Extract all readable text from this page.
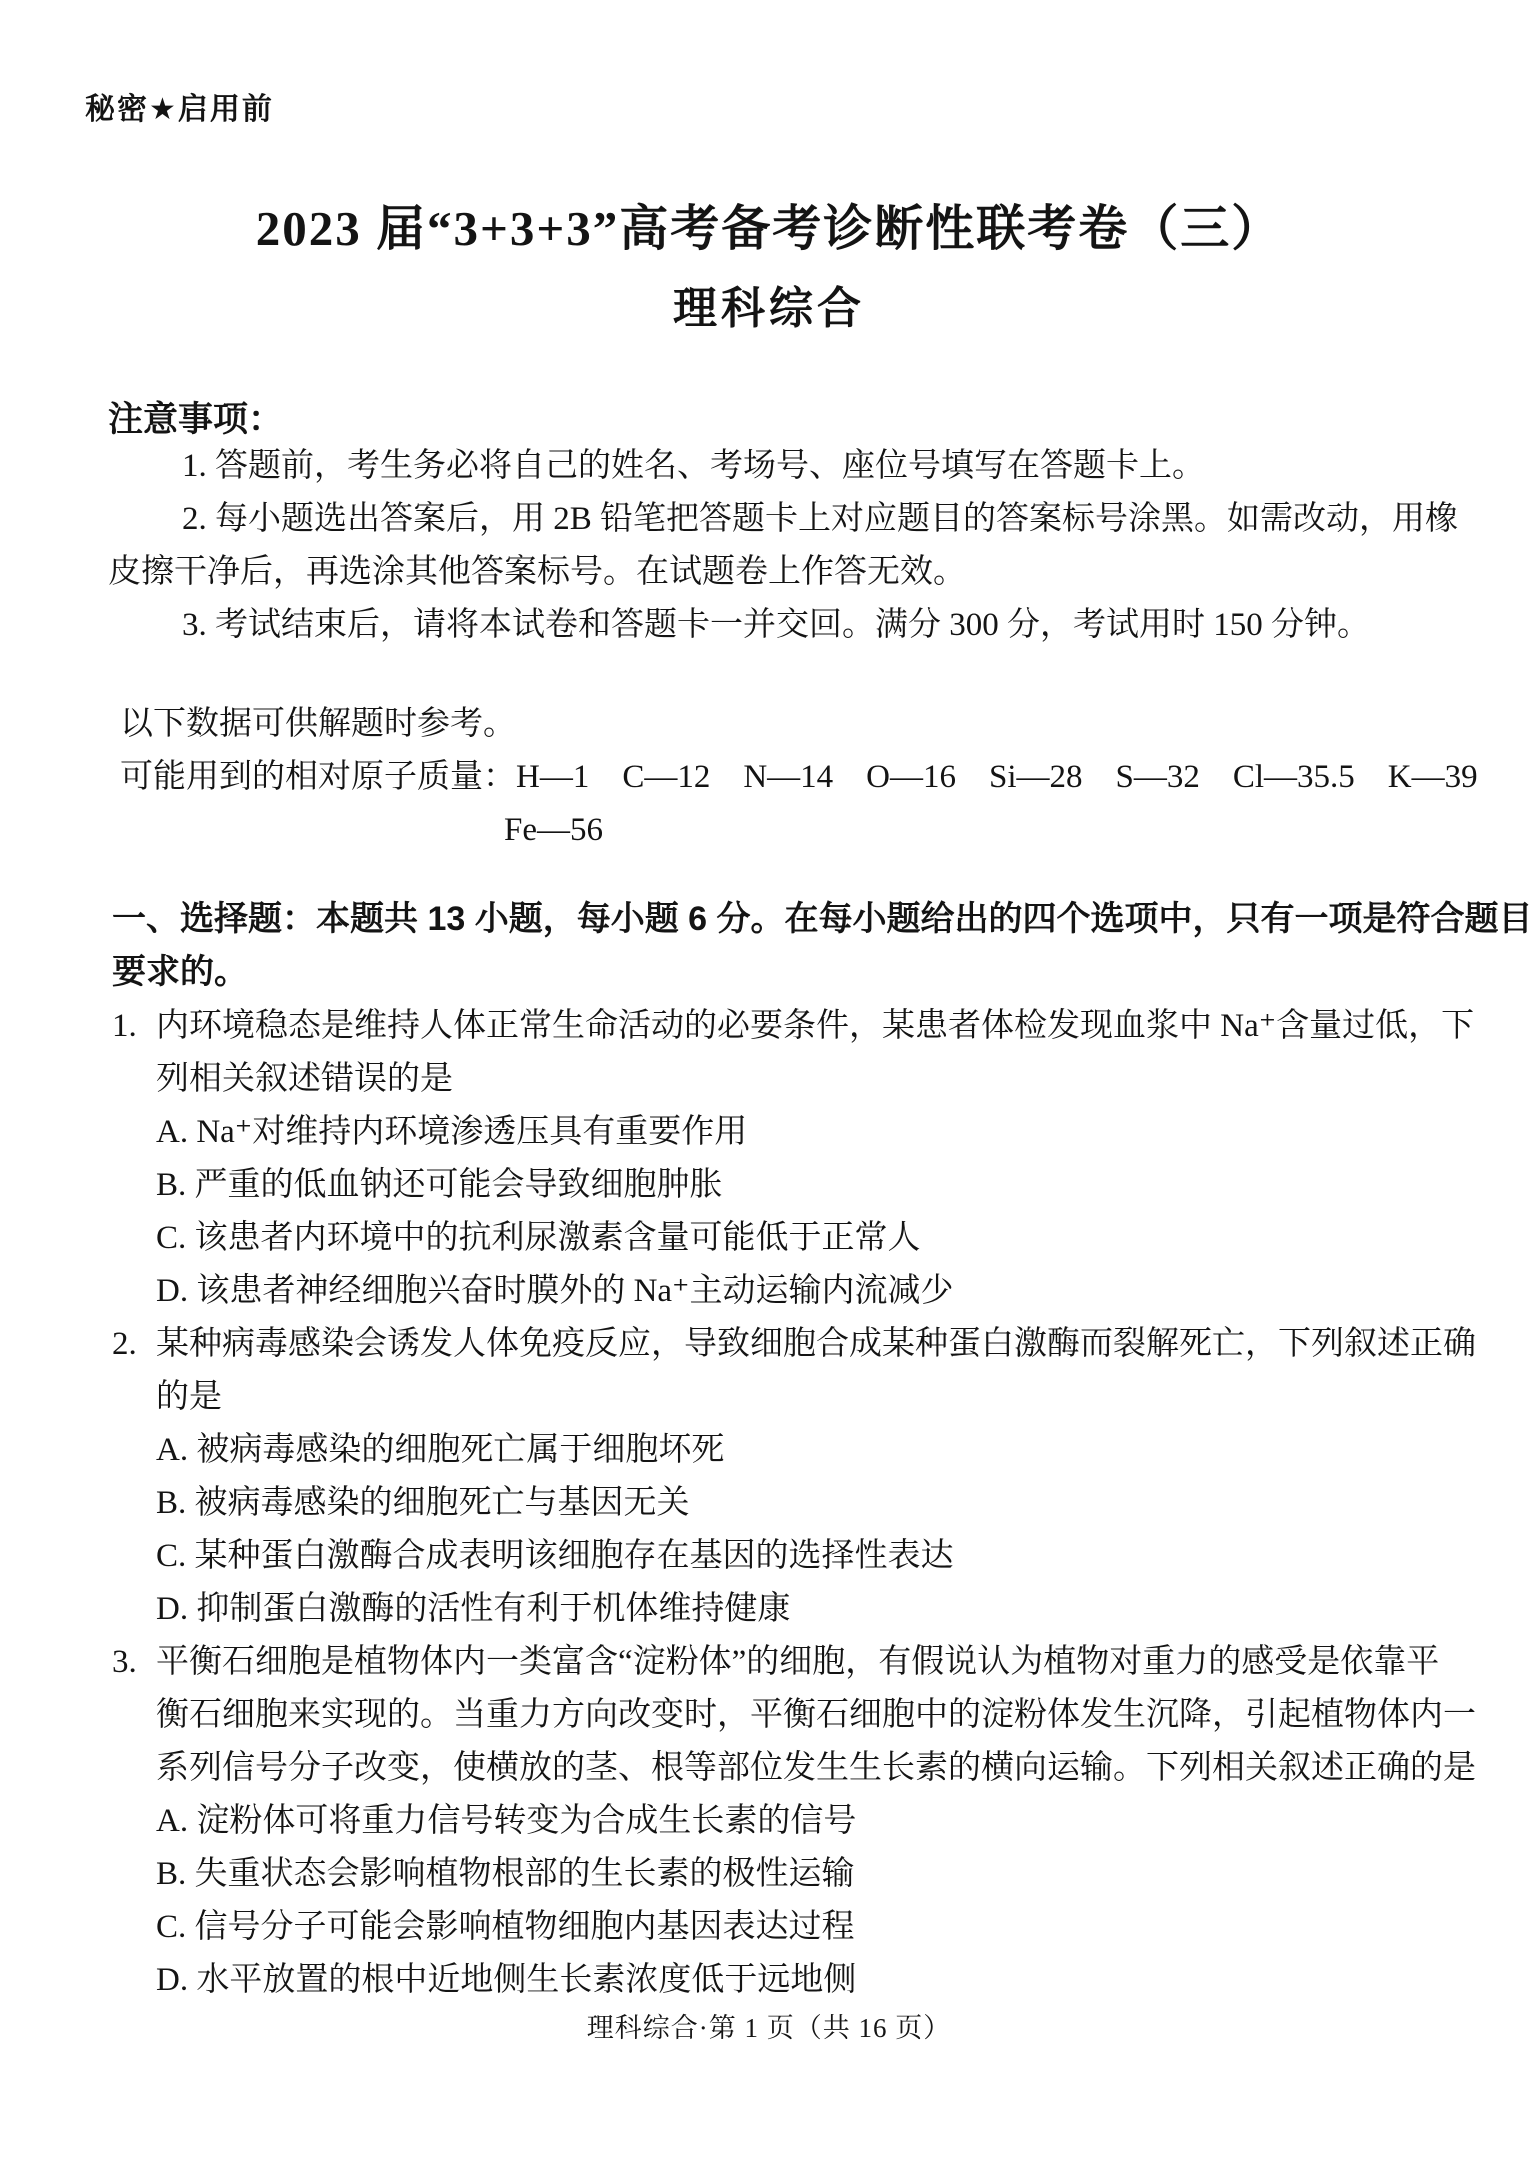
秘密★启用前
2023 届“3+3+3”高考备考诊断性联考卷（三）
理科综合
注意事项：
1. 答题前，考生务必将自己的姓名、考场号、座位号填写在答题卡上。
2. 每小题选出答案后，用 2B 铅笔把答题卡上对应题目的答案标号涂黑。如需改动，用橡
皮擦干净后，再选涂其他答案标号。在试题卷上作答无效。
3. 考试结束后，请将本试卷和答题卡一并交回。满分 300 分，考试用时 150 分钟。
以下数据可供解题时参考。
可能用到的相对原子质量：H—1　C—12　N—14　O—16　Si—28　S—32　Cl—35.5　K—39
Fe—56
一、选择题：本题共 13 小题，每小题 6 分。在每小题给出的四个选项中，只有一项是符合题目
要求的。
1. 内环境稳态是维持人体正常生命活动的必要条件，某患者体检发现血浆中 Na⁺含量过低，下
列相关叙述错误的是
A. Na⁺对维持内环境渗透压具有重要作用
B. 严重的低血钠还可能会导致细胞肿胀
C. 该患者内环境中的抗利尿激素含量可能低于正常人
D. 该患者神经细胞兴奋时膜外的 Na⁺主动运输内流减少
2. 某种病毒感染会诱发人体免疫反应，导致细胞合成某种蛋白激酶而裂解死亡，下列叙述正确
的是
A. 被病毒感染的细胞死亡属于细胞坏死
B. 被病毒感染的细胞死亡与基因无关
C. 某种蛋白激酶合成表明该细胞存在基因的选择性表达
D. 抑制蛋白激酶的活性有利于机体维持健康
3. 平衡石细胞是植物体内一类富含“淀粉体”的细胞，有假说认为植物对重力的感受是依靠平
衡石细胞来实现的。当重力方向改变时，平衡石细胞中的淀粉体发生沉降，引起植物体内一
系列信号分子改变，使横放的茎、根等部位发生生长素的横向运输。下列相关叙述正确的是
A. 淀粉体可将重力信号转变为合成生长素的信号
B. 失重状态会影响植物根部的生长素的极性运输
C. 信号分子可能会影响植物细胞内基因表达过程
D. 水平放置的根中近地侧生长素浓度低于远地侧
理科综合·第 1 页（共 16 页）
